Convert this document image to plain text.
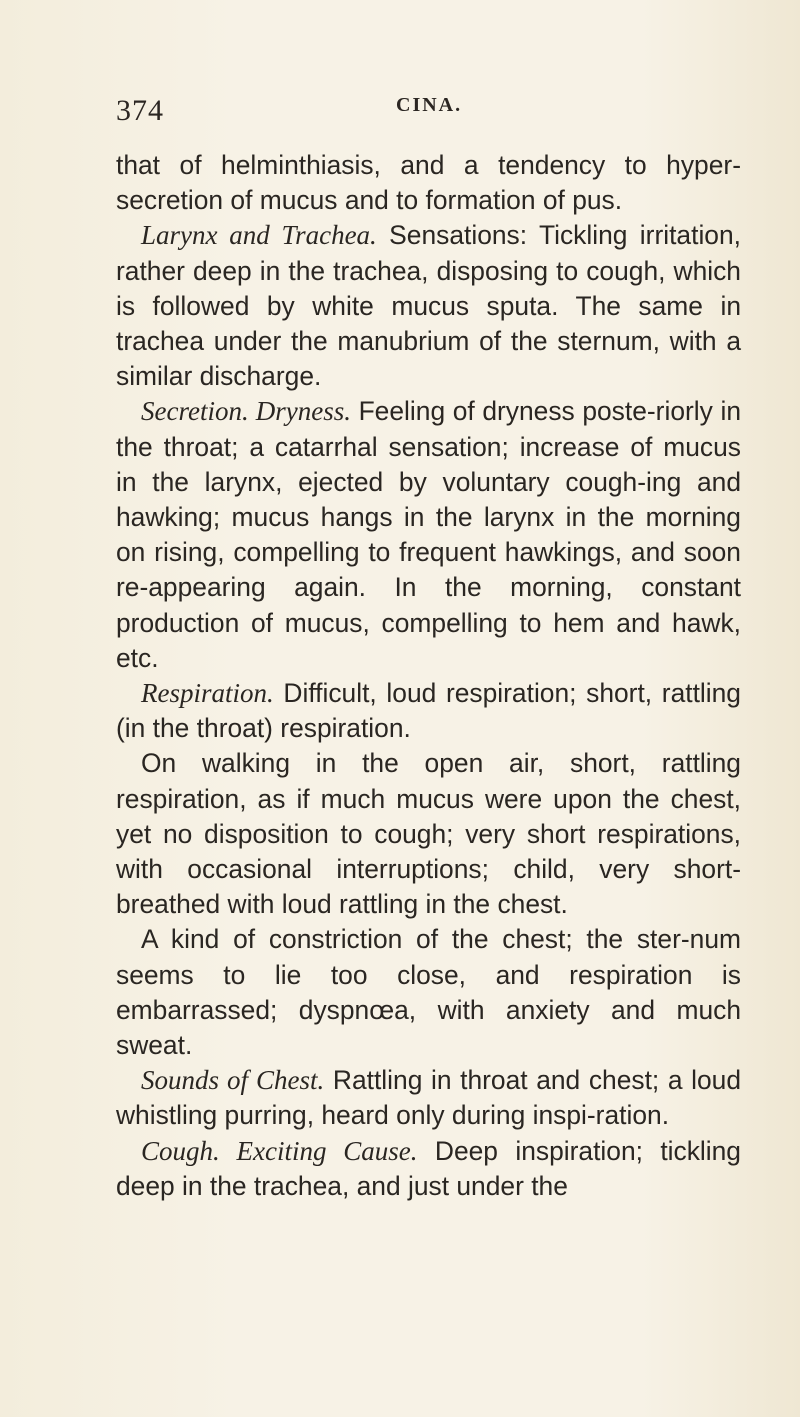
374	CINA.

that of helminthiasis, and a tendency to hyper-secretion of mucus and to formation of pus.

Larynx and Trachea. Sensations: Tickling irritation, rather deep in the trachea, disposing to cough, which is followed by white mucus sputa. The same in trachea under the manubrium of the sternum, with a similar discharge.

Secretion. Dryness. Feeling of dryness poste-riorly in the throat; a catarrhal sensation; increase of mucus in the larynx, ejected by voluntary cough-ing and hawking; mucus hangs in the larynx in the morning on rising, compelling to frequent hawkings, and soon re-appearing again. In the morning, constant production of mucus, compelling to hem and hawk, etc.

Respiration. Difficult, loud respiration; short, rattling (in the throat) respiration.

On walking in the open air, short, rattling respiration, as if much mucus were upon the chest, yet no disposition to cough; very short respirations, with occasional interruptions; child, very short-breathed with loud rattling in the chest.

A kind of constriction of the chest; the ster-num seems to lie too close, and respiration is embarrassed; dyspnœa, with anxiety and much sweat.

Sounds of Chest. Rattling in throat and chest; a loud whistling purring, heard only during inspi-ration.

Cough. Exciting Cause. Deep inspiration; tickling deep in the trachea, and just under the
